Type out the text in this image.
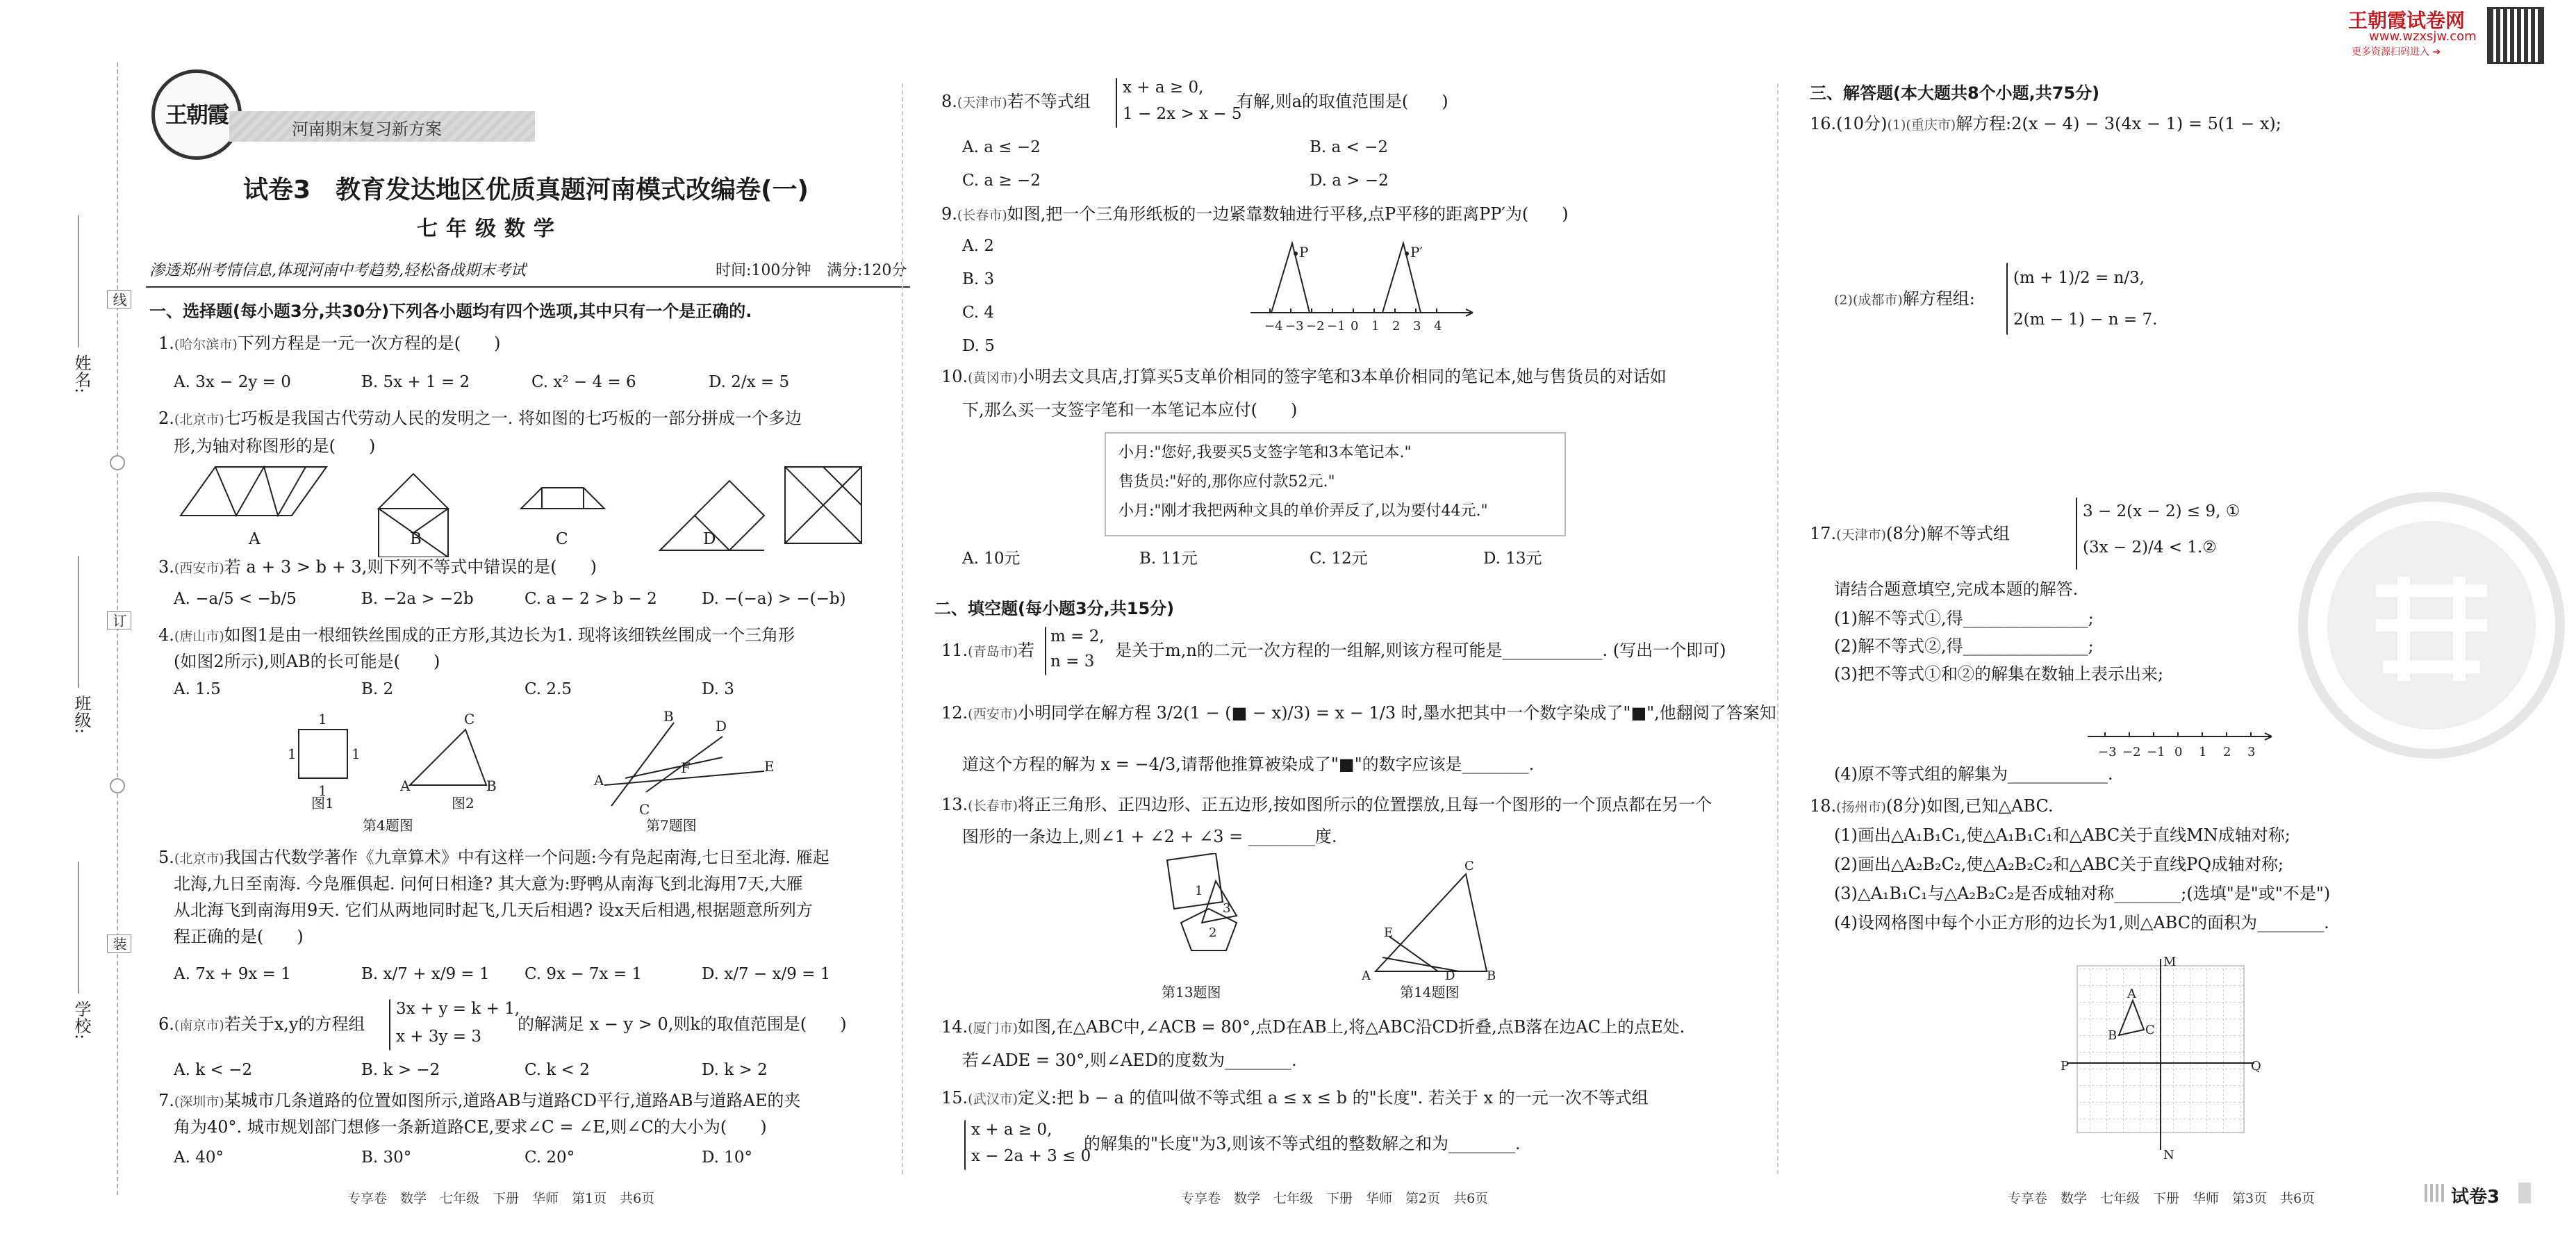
线
订
装
姓名:
班级:
学校:
王朝霞
河南期末复习新方案
试卷3　教育发达地区优质真题河南模式改编卷(一)
七年级数学
渗透郑州考情信息,体现河南中考趋势,轻松备战期末考试	时间:100分钟 满分:120分
王朝霞试卷网
www.wzxsjw.com
更多资源扫码进入 ➔
一、选择题(每小题3分,共30分)下列各小题均有四个选项,其中只有一个是正确的.
1.(哈尔滨市)下列方程是一元一次方程的是(　　)
A. 3x − 2y = 0	B. 5x + 1 = 2	C. x² − 4 = 6	D. 2/x = 5
2.(北京市)七巧板是我国古代劳动人民的发明之一. 将如图的七巧板的一部分拼成一个多边
形,为轴对称图形的是(　　)
A	B	C	D
3.(西安市)若 a + 3 > b + 3,则下列不等式中错误的是(　　)
A. −a/5 < −b/5	B. −2a > −2b	C. a − 2 > b − 2	D. −(−a) > −(−b)
4.(唐山市)如图1是由一根细铁丝围成的正方形,其边长为1. 现将该细铁丝围成一个三角形
(如图2所示),则AB的长可能是(　　)
A. 1.5	B. 2	C. 2.5	D. 3
1
1	1
1	A
C
B
B
D
A
F	E
C
图1	图2
第4题图	第7题图
5.(北京市)我国古代数学著作《九章算术》中有这样一个问题:今有凫起南海,七日至北海. 雁起
北海,九日至南海. 今凫雁俱起. 问何日相逢? 其大意为:野鸭从南海飞到北海用7天,大雁
从北海飞到南海用9天. 它们从两地同时起飞,几天后相遇? 设x天后相遇,根据题意所列方
程正确的是(　　)
A. 7x + 9x = 1	B. x/7 + x/9 = 1 C. 9x − 7x = 1	D. x/7 − x/9 = 1
6.(南京市)若关于x,y的方程组
3x + y = k + 1,
x + 3y = 3
的解满足 x − y > 0,则k的取值范围是(　　)
A. k < −2	B. k > −2	C. k < 2	D. k > 2
7.(深圳市)某城市几条道路的位置如图所示,道路AB与道路CD平行,道路AB与道路AE的夹
角为40°. 城市规划部门想修一条新道路CE,要求∠C = ∠E,则∠C的大小为(　　)
A. 40°	B. 30°	C. 20°	D. 10°
专享卷　数学　七年级　下册　华师　第1页　共6页
8.(天津市)若不等式组
x + a ≥ 0,
1 − 2x > x − 5
有解,则a的取值范围是(　　)
A. a ≤ −2	B. a < −2
C. a ≥ −2	D. a > −2
9.(长春市)如图,把一个三角形纸板的一边紧靠数轴进行平移,点P平移的距离PP′为(　　)
A. 2
B. 3
C. 4
D. 5
P	P′
−4 −3 −2 −1 0 1 2 3 4
10.(黄冈市)小明去文具店,打算买5支单价相同的签字笔和3本单价相同的笔记本,她与售货员的对话如
下,那么买一支签字笔和一本笔记本应付(　　)
小月:"您好,我要买5支签字笔和3本笔记本."
售货员:"好的,那你应付款52元."
小月:"刚才我把两种文具的单价弄反了,以为要付44元."
A. 10元	B. 11元	C. 12元	D. 13元
二、填空题(每小题3分,共15分)
11.(青岛市)若
m = 2,
n = 3
是关于m,n的二元一次方程的一组解,则该方程可能是____________. (写出一个即可)
12.(西安市)小明同学在解方程 3/2(1 − (■ − x)/3) = x − 1/3 时,墨水把其中一个数字染成了"■",他翻阅了答案知
道这个方程的解为 x = −4/3,请帮他推算被染成了"■"的数字应该是________.
13.(长春市)将正三角形、正四边形、正五边形,按如图所示的位置摆放,且每一个图形的一个顶点都在另一个
图形的一条边上,则∠1 + ∠2 + ∠3 = ________度.
1
3
2
A
C
B
E
D
第13题图	第14题图
14.(厦门市)如图,在△ABC中,∠ACB = 80°,点D在AB上,将△ABC沿CD折叠,点B落在边AC上的点E处.
若∠ADE = 30°,则∠AED的度数为________.
15.(武汉市)定义:把 b − a 的值叫做不等式组 a ≤ x ≤ b 的"长度". 若关于 x 的一元一次不等式组
x + a ≥ 0,
x − 2a + 3 ≤ 0
的解集的"长度"为3,则该不等式组的整数解之和为________.
专享卷　数学　七年级　下册　华师　第2页　共6页
三、解答题(本大题共8个小题,共75分)
16.(10分)(1)(重庆市)解方程:2(x − 4) − 3(4x − 1) = 5(1 − x);
(2)(成都市)解方程组:
(m + 1)/2 = n/3,
2(m − 1) − n = 7.
17.(天津市)(8分)解不等式组
3 − 2(x − 2) ≤ 9, ①
(3x − 2)/4 < 1.②
请结合题意填空,完成本题的解答.
(1)解不等式①,得_______________;
(2)解不等式②,得_______________;
(3)把不等式①和②的解集在数轴上表示出来;
−3 −2 −1 0 1 2 3
(4)原不等式组的解集为____________.
18.(扬州市)(8分)如图,已知△ABC.
(1)画出△A₁B₁C₁,使△A₁B₁C₁和△ABC关于直线MN成轴对称;
(2)画出△A₂B₂C₂,使△A₂B₂C₂和△ABC关于直线PQ成轴对称;
(3)△A₁B₁C₁与△A₂B₂C₂是否成轴对称________;(选填"是"或"不是")
(4)设网格图中每个小正方形的边长为1,则△ABC的面积为________.
M
N
P	Q
A
B C
专享卷　数学　七年级　下册　华师　第3页　共6页	试卷3
